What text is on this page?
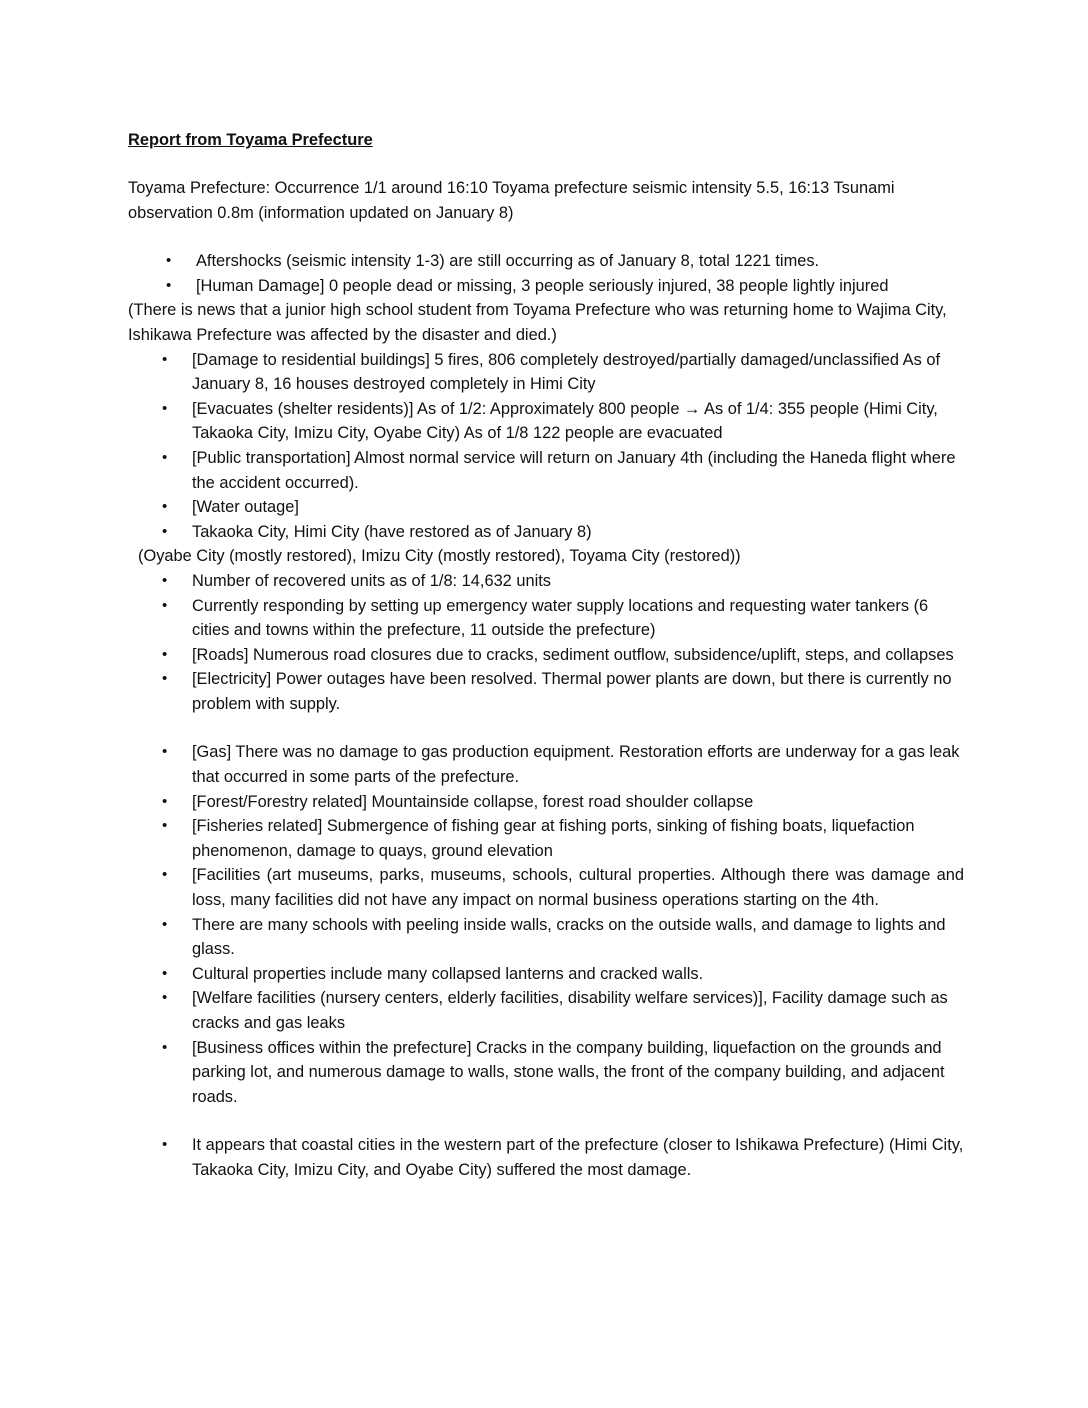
Report from Toyama Prefecture

Toyama Prefecture: Occurrence 1/1 around 16:10 Toyama prefecture seismic intensity 5.5, 16:13 Tsunami observation 0.8m (information updated on January 8)

• Aftershocks (seismic intensity 1-3) are still occurring as of January 8, total 1221 times.
• [Human Damage] 0 people dead or missing, 3 people seriously injured, 38 people lightly injured
(There is news that a junior high school student from Toyama Prefecture who was returning home to Wajima City, Ishikawa Prefecture was affected by the disaster and died.)
• [Damage to residential buildings] 5 fires, 806 completely destroyed/partially damaged/unclassified As of January 8, 16 houses destroyed completely in Himi City
• [Evacuates (shelter residents)] As of 1/2: Approximately 800 people → As of 1/4: 355 people (Himi City, Takaoka City, Imizu City, Oyabe City) As of 1/8 122 people are evacuated
• [Public transportation] Almost normal service will return on January 4th (including the Haneda flight where the accident occurred).
• [Water outage]
• Takaoka City, Himi City (have restored as of January 8)
(Oyabe City (mostly restored), Imizu City (mostly restored), Toyama City (restored))
• Number of recovered units as of 1/8: 14,632 units
• Currently responding by setting up emergency water supply locations and requesting water tankers (6 cities and towns within the prefecture, 11 outside the prefecture)
• [Roads] Numerous road closures due to cracks, sediment outflow, subsidence/uplift, steps, and collapses
• [Electricity] Power outages have been resolved. Thermal power plants are down, but there is currently no problem with supply.
• [Gas] There was no damage to gas production equipment. Restoration efforts are underway for a gas leak that occurred in some parts of the prefecture.
• [Forest/Forestry related] Mountainside collapse, forest road shoulder collapse
• [Fisheries related] Submergence of fishing gear at fishing ports, sinking of fishing boats, liquefaction phenomenon, damage to quays, ground elevation
• [Facilities (art museums, parks, museums, schools, cultural properties. Although there was damage and loss, many facilities did not have any impact on normal business operations starting on the 4th.
• There are many schools with peeling inside walls, cracks on the outside walls, and damage to lights and glass.
• Cultural properties include many collapsed lanterns and cracked walls.
• [Welfare facilities (nursery centers, elderly facilities, disability welfare services)], Facility damage such as cracks and gas leaks
• [Business offices within the prefecture] Cracks in the company building, liquefaction on the grounds and parking lot, and numerous damage to walls, stone walls, the front of the company building, and adjacent roads.
• It appears that coastal cities in the western part of the prefecture (closer to Ishikawa Prefecture) (Himi City, Takaoka City, Imizu City, and Oyabe City) suffered the most damage.
